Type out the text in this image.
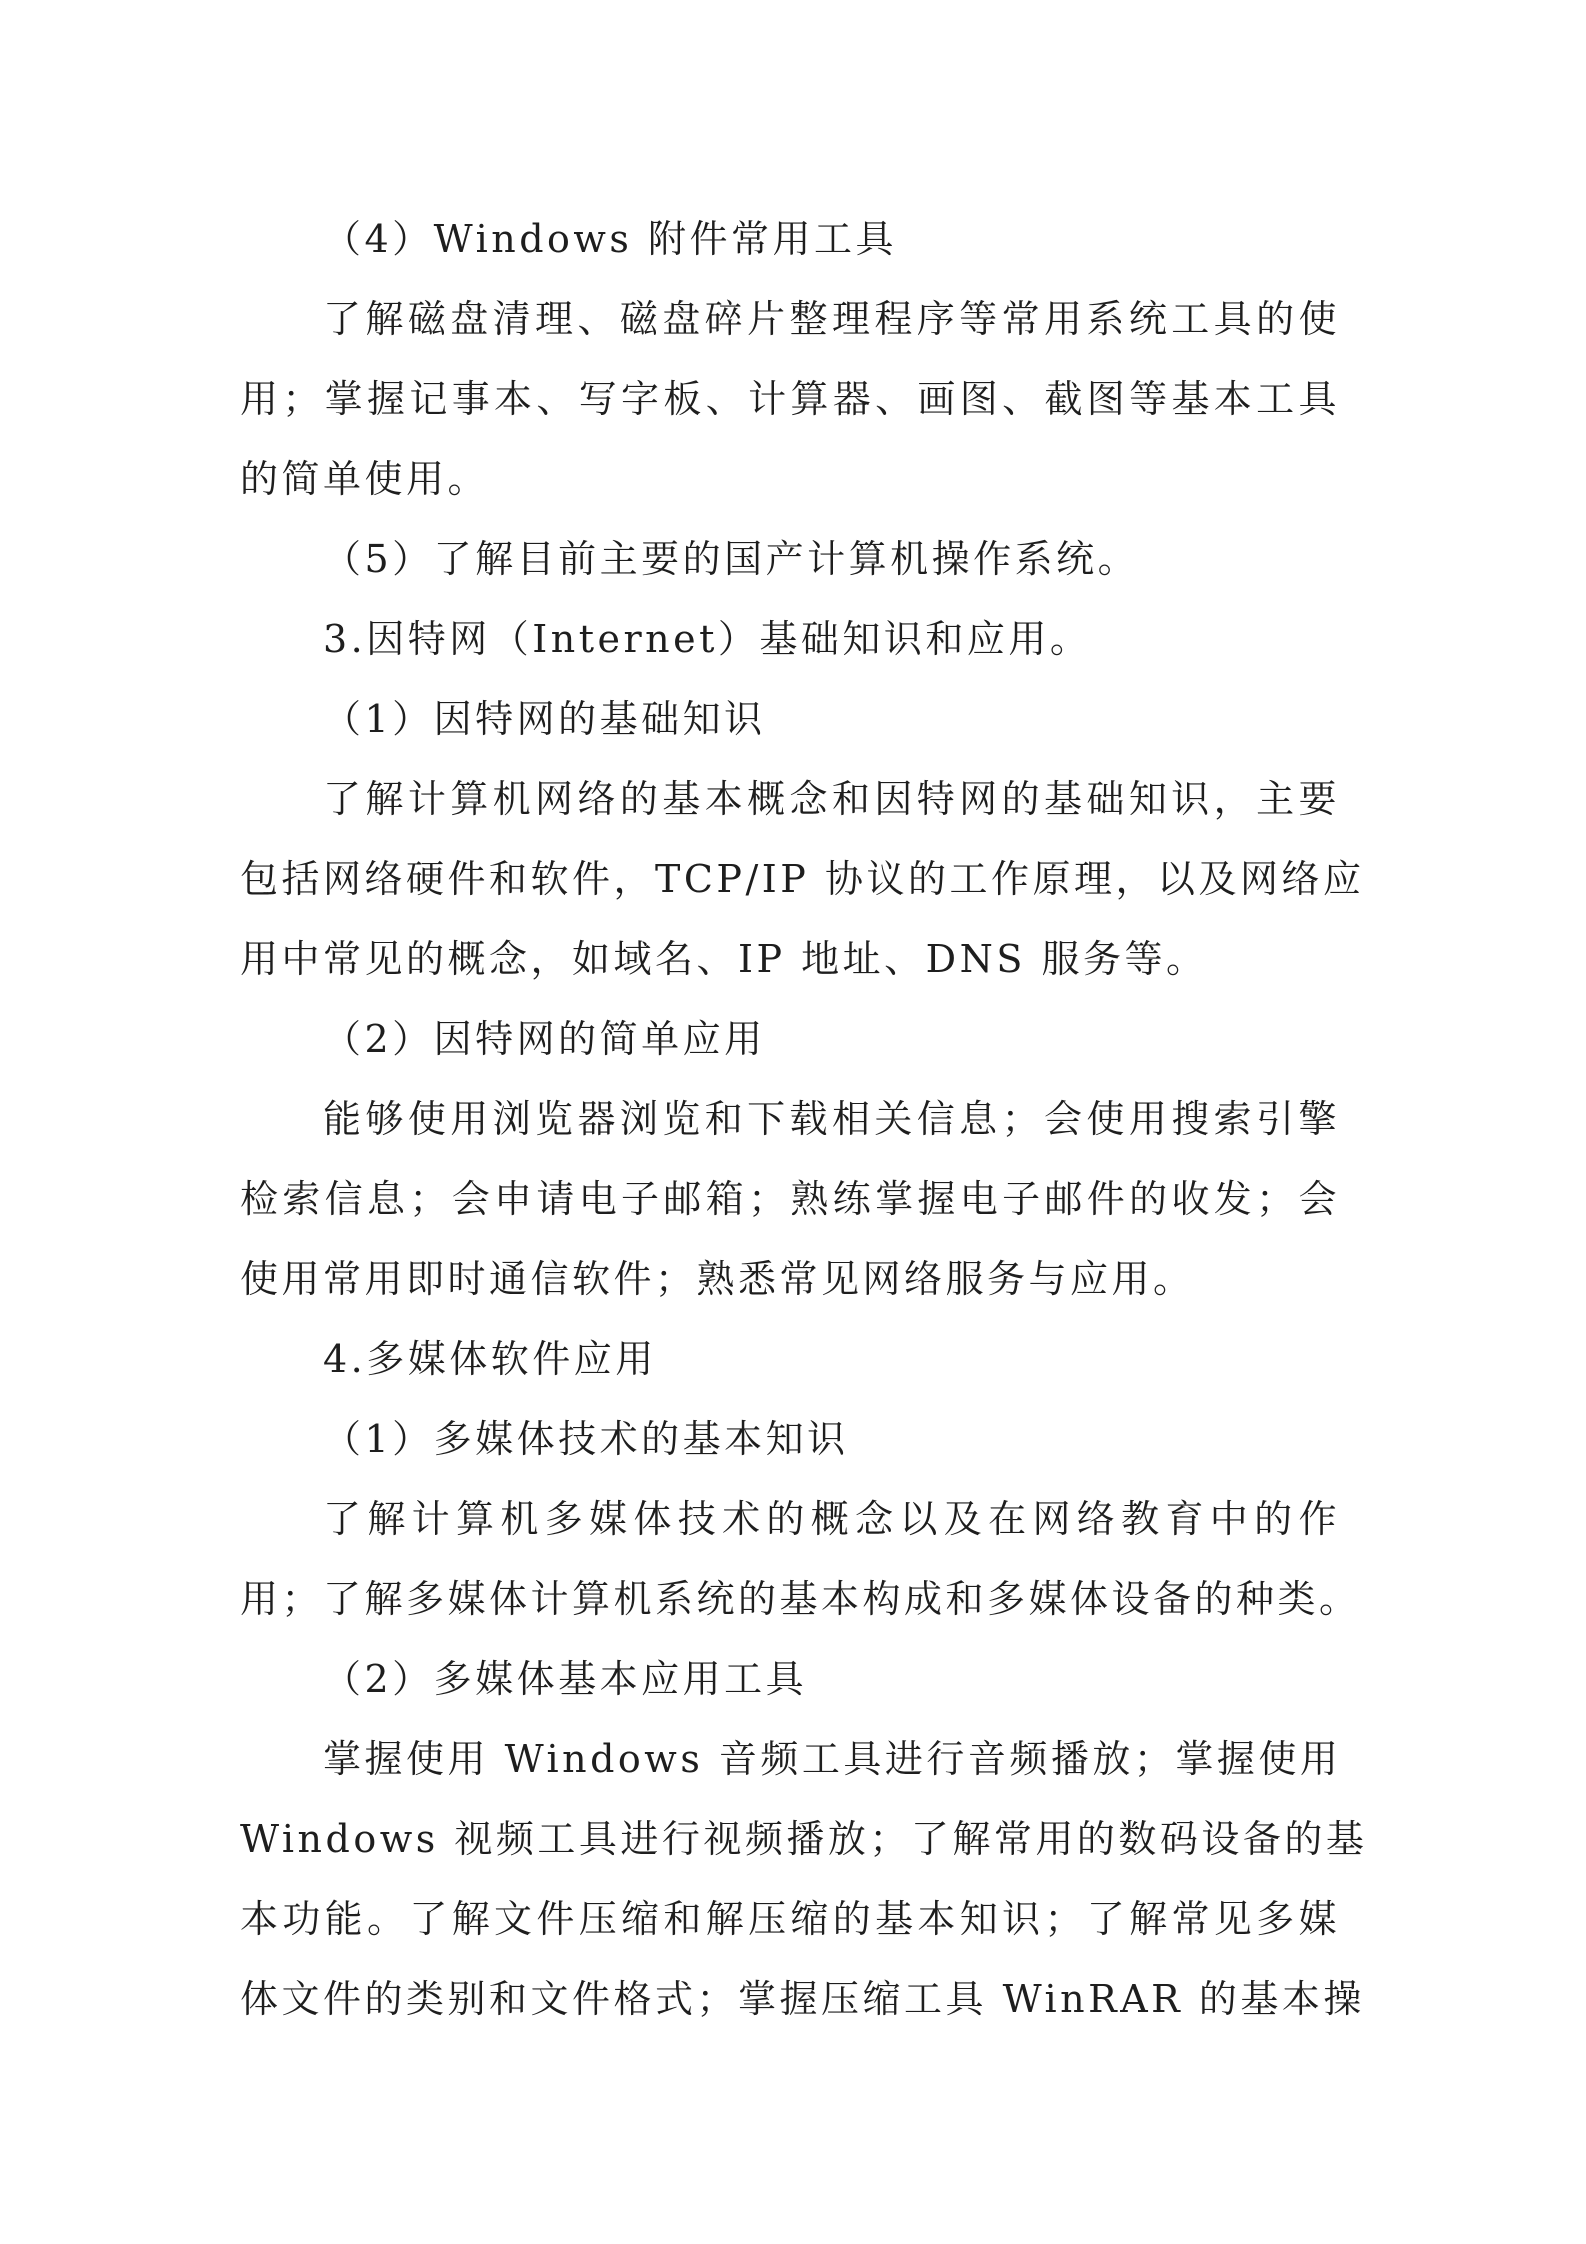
（4）Windows 附件常用工具
了解磁盘清理、磁盘碎片整理程序等常用系统工具的使
用；掌握记事本、写字板、计算器、画图、截图等基本工具
的简单使用。
（5）了解目前主要的国产计算机操作系统。
3.因特网（Internet）基础知识和应用。
（1）因特网的基础知识
了解计算机网络的基本概念和因特网的基础知识，主要
包括网络硬件和软件，TCP/IP 协议的工作原理，以及网络应
用中常见的概念，如域名、IP 地址、DNS 服务等。
（2）因特网的简单应用
能够使用浏览器浏览和下载相关信息；会使用搜索引擎
检索信息；会申请电子邮箱；熟练掌握电子邮件的收发；会
使用常用即时通信软件；熟悉常见网络服务与应用。
4.多媒体软件应用
（1）多媒体技术的基本知识
了解计算机多媒体技术的概念以及在网络教育中的作
用；了解多媒体计算机系统的基本构成和多媒体设备的种类。
（2）多媒体基本应用工具
掌握使用 Windows 音频工具进行音频播放；掌握使用
Windows 视频工具进行视频播放；了解常用的数码设备的基
本功能。了解文件压缩和解压缩的基本知识；了解常见多媒
体文件的类别和文件格式；掌握压缩工具 WinRAR 的基本操
